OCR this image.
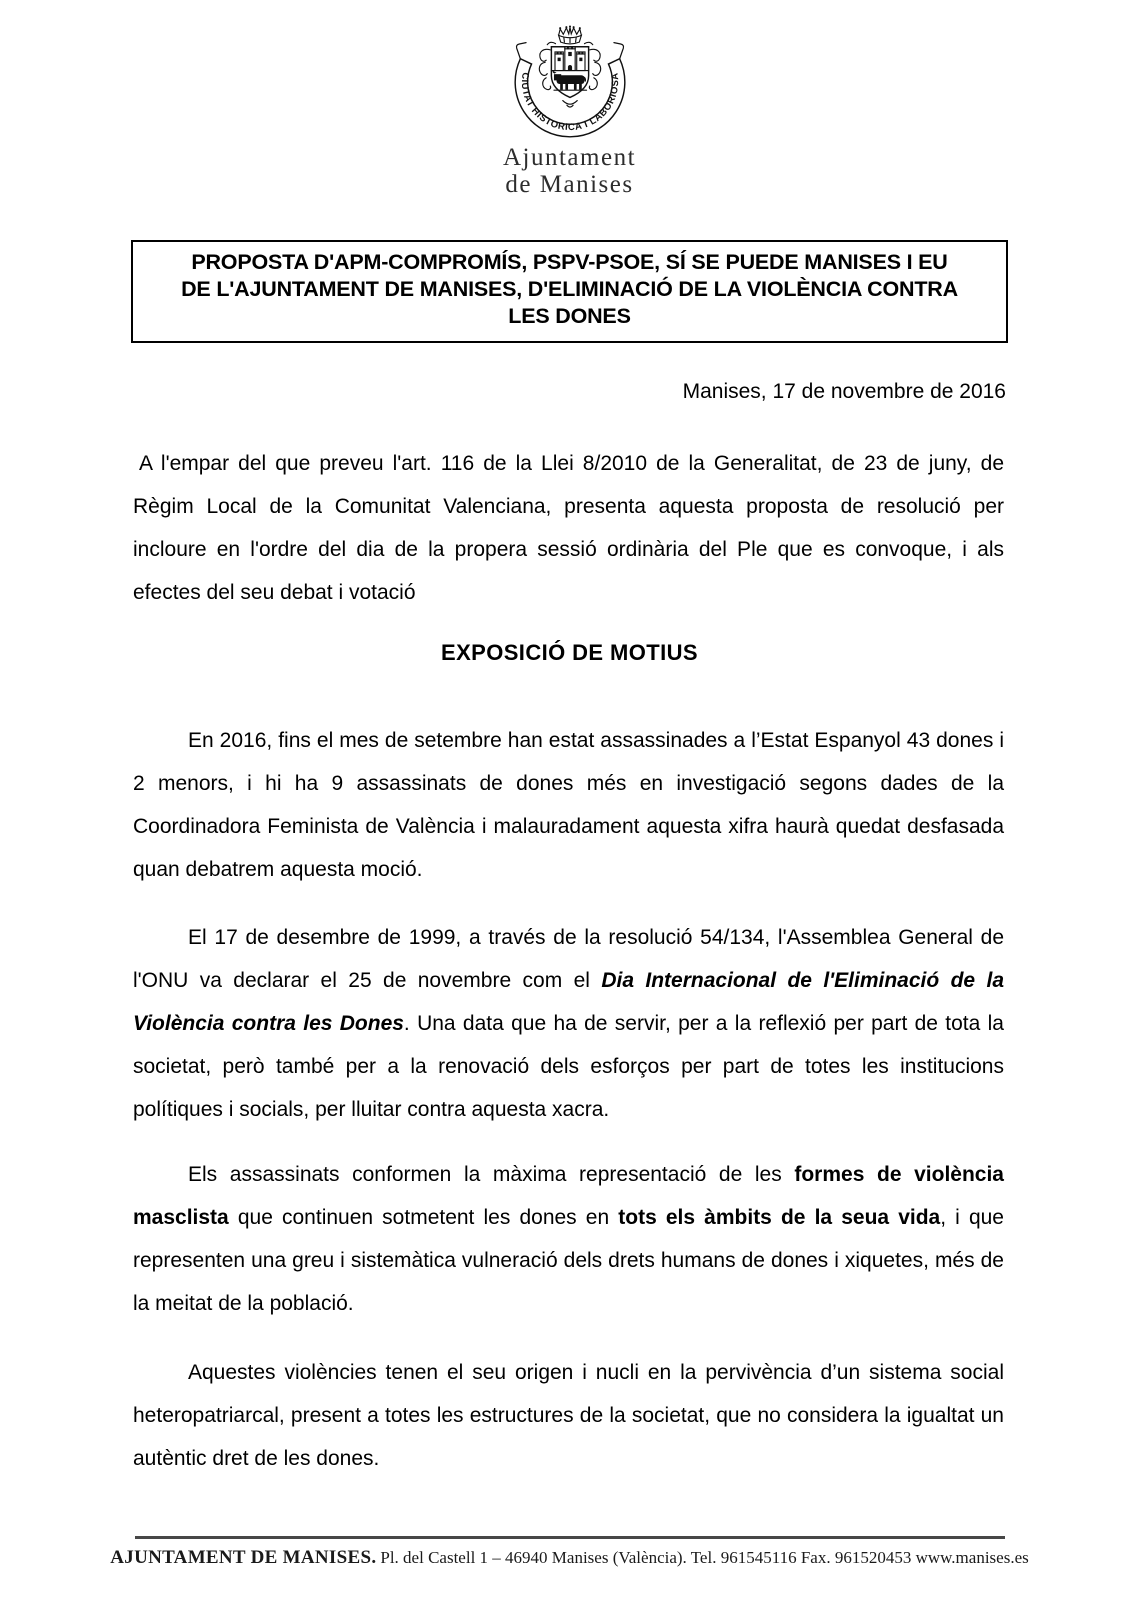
CIUTAT HISTORICA I LABORIOSA
Ajuntament
de Manises
PROPOSTA D'APM-COMPROMÍS, PSPV-PSOE, SÍ SE PUEDE MANISES I EU
DE L'AJUNTAMENT DE MANISES, D'ELIMINACIÓ DE LA VIOLÈNCIA CONTRA
LES DONES
Manises, 17 de novembre de 2016

A l'empar del que preveu l'art. 116 de la Llei 8/2010 de la Generalitat, de 23 de juny, de Règim Local de la Comunitat Valenciana, presenta aquesta proposta de resolució per incloure en l'ordre del dia de la propera sessió ordinària del Ple que es convoque, i als efectes del seu debat i votació

EXPOSICIÓ DE MOTIUS

En 2016, fins el mes de setembre han estat assassinades a l’Estat Espanyol 43 dones i 2 menors, i hi ha 9 assassinats de dones més en investigació segons dades de la Coordinadora Feminista de València i malauradament aquesta xifra haurà quedat desfasada quan debatrem aquesta moció.

El 17 de desembre de 1999, a través de la resolució 54/134, l'Assemblea General de l'ONU va declarar el 25 de novembre com el Dia Internacional de l'Eliminació de la Violència contra les Dones. Una data que ha de servir, per a la reflexió per part de tota la societat, però també per a la renovació dels esforços per part de totes les institucions polítiques i socials, per lluitar contra aquesta xacra.

Els assassinats conformen la màxima representació de les formes de violència masclista que continuen sotmetent les dones en tots els àmbits de la seua vida, i que representen una greu i sistemàtica vulneració dels drets humans de dones i xiquetes, més de la meitat de la població.

Aquestes violències tenen el seu origen i nucli en la pervivència d’un sistema social heteropatriarcal, present a totes les estructures de la societat, que no considera la igualtat un autèntic dret de les dones.

AJUNTAMENT DE MANISES. Pl. del Castell 1 – 46940 Manises (València). Tel. 961545116 Fax. 961520453 www.manises.es
